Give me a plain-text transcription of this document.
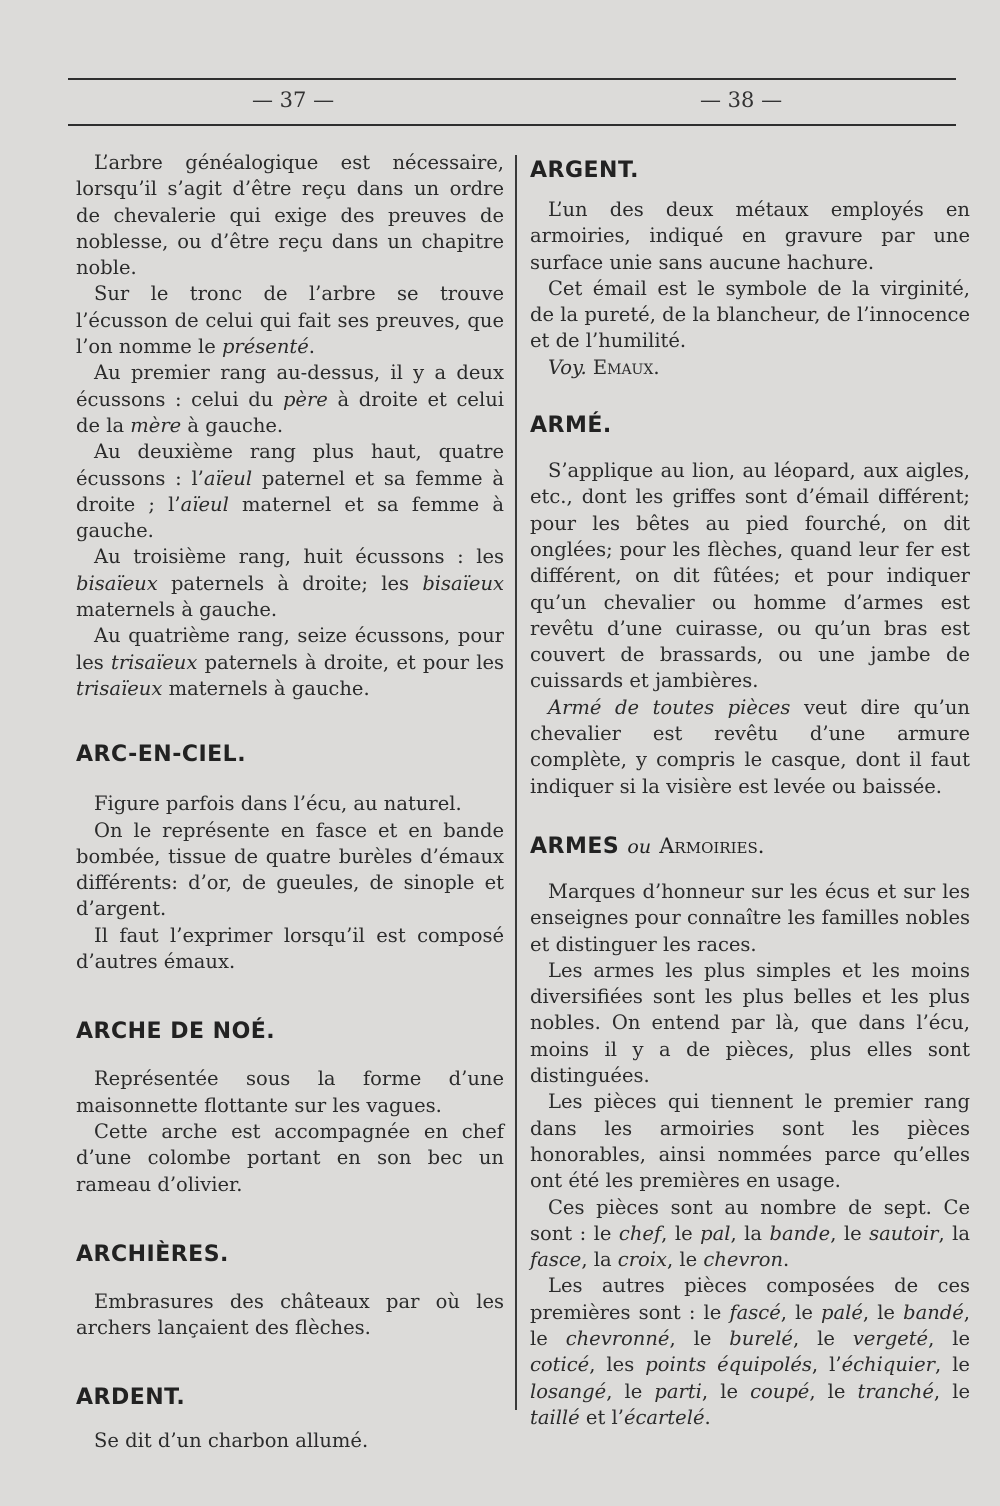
— 37 —	— 38 —

L’arbre généalogique est nécessaire, lorsqu’il s’agit d’être reçu dans un ordre de chevalerie qui exige des preuves de noblesse, ou d’être reçu dans un chapitre noble.

Sur le tronc de l’arbre se trouve l’écusson de celui qui fait ses preuves, que l’on nomme le présenté.

Au premier rang au-dessus, il y a deux écussons : celui du père à droite et celui de la mère à gauche.

Au deuxième rang plus haut, quatre écussons : l’aïeul paternel et sa femme à droite ; l’aïeul maternel et sa femme à gauche.

Au troisième rang, huit écussons : les bisaïeux paternels à droite; les bisaïeux maternels à gauche.

Au quatrième rang, seize écussons, pour les trisaïeux paternels à droite, et pour les trisaïeux maternels à gauche.

ARC-EN-CIEL.

Figure parfois dans l’écu, au naturel.

On le représente en fasce et en bande bombée, tissue de quatre burèles d’émaux différents: d’or, de gueules, de sinople et d’argent.

Il faut l’exprimer lorsqu’il est composé d’autres émaux.

ARCHE DE NOÉ.

Représentée sous la forme d’une maisonnette flottante sur les vagues.

Cette arche est accompagnée en chef d’une colombe portant en son bec un rameau d’olivier.

ARCHIÈRES.

Embrasures des châteaux par où les archers lançaient des flèches.

ARDENT.

Se dit d’un charbon allumé.

ARGENT.

L’un des deux métaux employés en armoiries, indiqué en gravure par une surface unie sans aucune hachure.

Cet émail est le symbole de la virginité, de la pureté, de la blancheur, de l’innocence et de l’humilité.

Voy. Emaux.

ARMÉ.

S’applique au lion, au léopard, aux aigles, etc., dont les griffes sont d’émail différent; pour les bêtes au pied fourché, on dit onglées; pour les flèches, quand leur fer est différent, on dit fûtées; et pour indiquer qu’un chevalier ou homme d’armes est revêtu d’une cuirasse, ou qu’un bras est couvert de brassards, ou une jambe de cuissards et jambières.

Armé de toutes pièces veut dire qu’un chevalier est revêtu d’une armure complète, y compris le casque, dont il faut indiquer si la visière est levée ou baissée.

ARMES ou Armoiries.

Marques d’honneur sur les écus et sur les enseignes pour connaître les familles nobles et distinguer les races.

Les armes les plus simples et les moins diversifiées sont les plus belles et les plus nobles. On entend par là, que dans l’écu, moins il y a de pièces, plus elles sont distinguées.

Les pièces qui tiennent le premier rang dans les armoiries sont les pièces honorables, ainsi nommées parce qu’elles ont été les premières en usage.

Ces pièces sont au nombre de sept. Ce sont : le chef, le pal, la bande, le sautoir, la fasce, la croix, le chevron.

Les autres pièces composées de ces premières sont : le fascé, le palé, le bandé, le chevronné, le burelé, le vergeté, le coticé, les points équipolés, l’échiquier, le losangé, le parti, le coupé, le tranché, le taillé et l’écartelé.
